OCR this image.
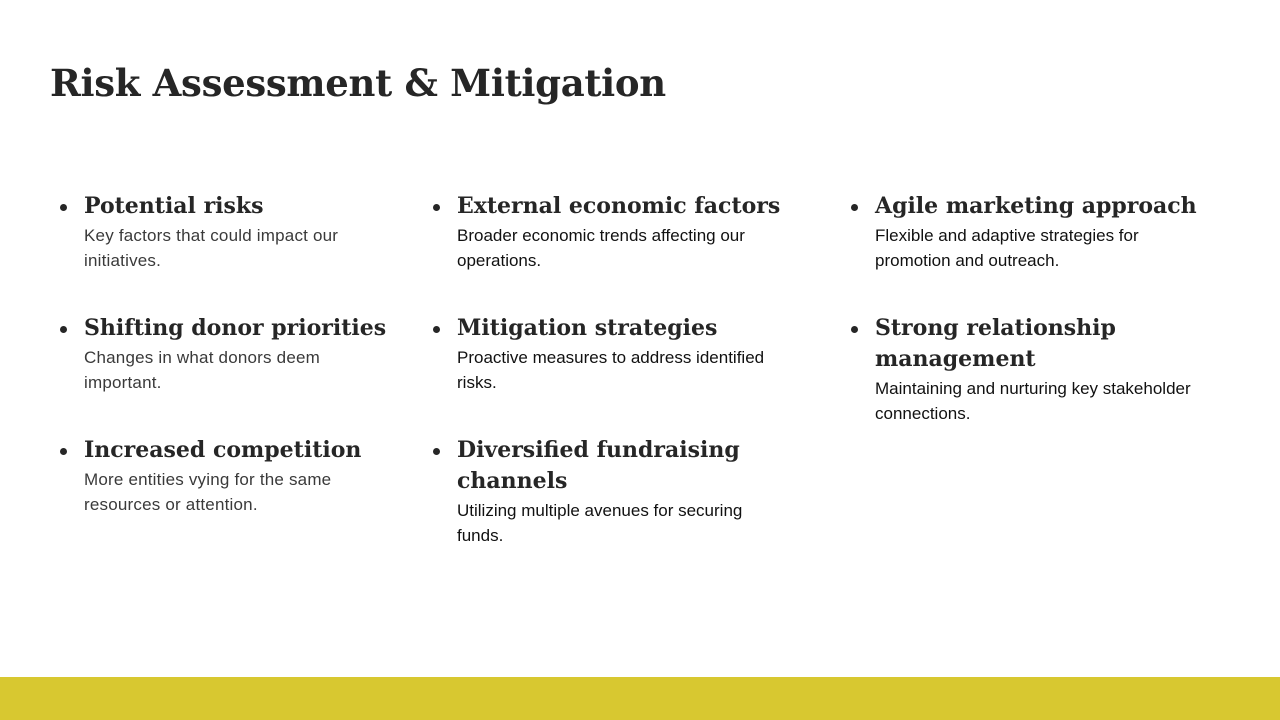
Risk Assessment & Mitigation
Potential risks
Key factors that could impact our initiatives.
Shifting donor priorities
Changes in what donors deem important.
Increased competition
More entities vying for the same resources or attention.
External economic factors
Broader economic trends affecting our operations.
Mitigation strategies
Proactive measures to address identified risks.
Diversified fundraising channels
Utilizing multiple avenues for securing funds.
Agile marketing approach
Flexible and adaptive strategies for promotion and outreach.
Strong relationship management
Maintaining and nurturing key stakeholder connections.
